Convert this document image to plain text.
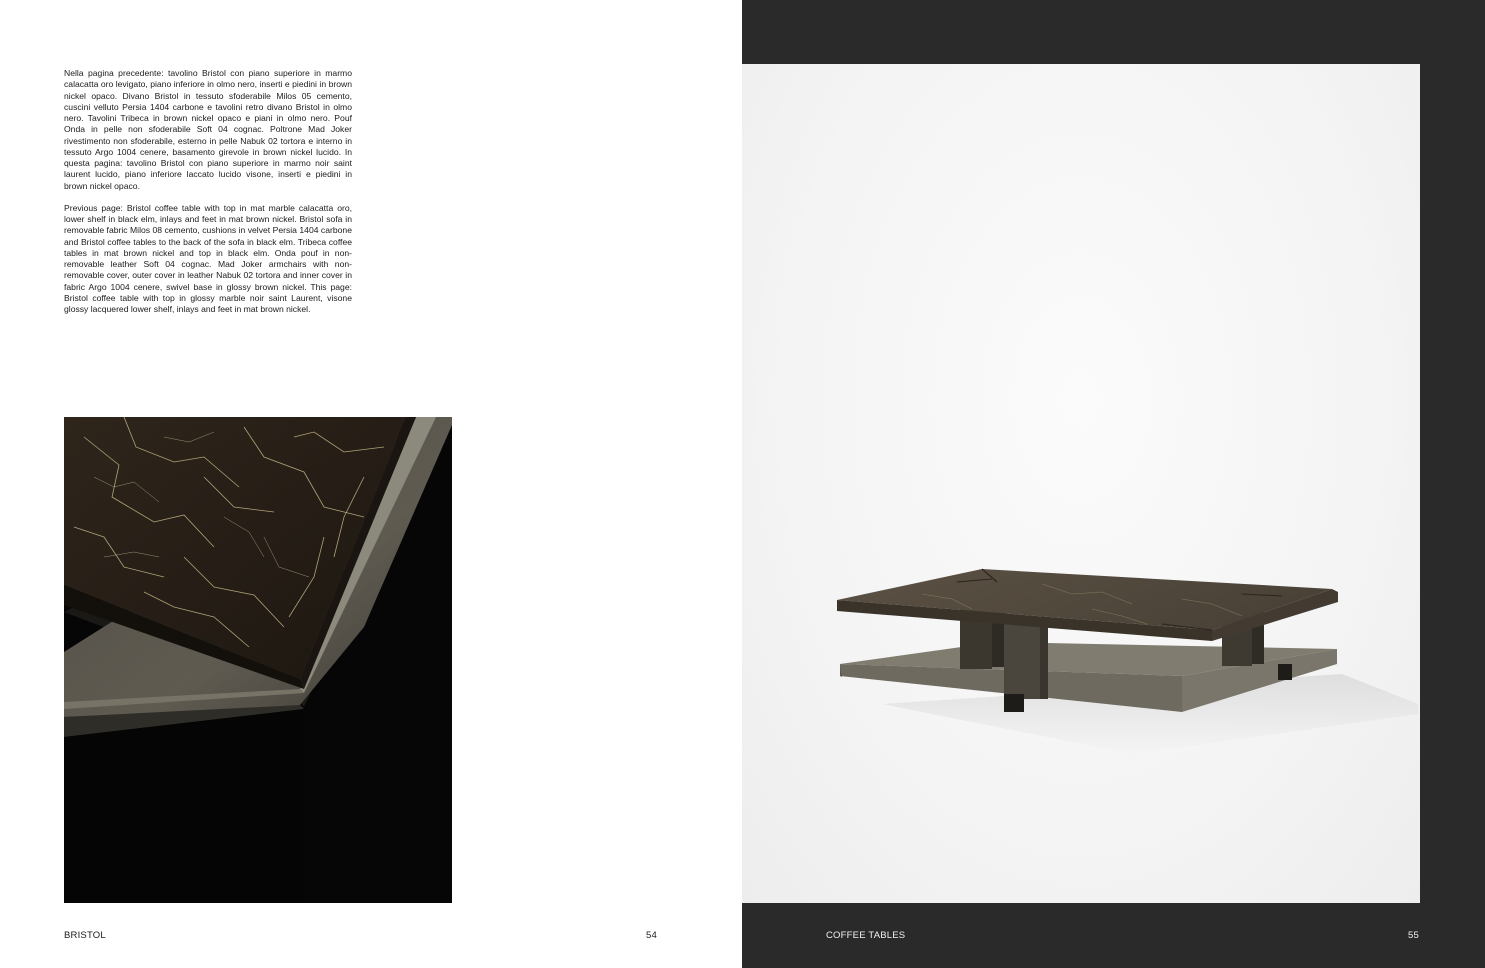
Nella pagina precedente: tavolino Bristol con piano superiore in marmo calacatta oro levigato, piano inferiore in olmo nero, inserti e piedini in brown nickel opaco. Divano Bristol in tessuto sfoderabile Milos 05 cemento, cuscini velluto Persia 1404 carbone e tavolini retro divano Bristol in olmo nero. Tavolini Tribeca in brown nickel opaco e piani in olmo nero. Pouf Onda in pelle non sfoderabile Soft 04 cognac. Poltrone Mad Joker rivestimento non sfoderabile, esterno in pelle Nabuk 02 tortora e interno in tessuto Argo 1004 cenere, basamento girevole in brown nickel lucido. In questa pagina: tavolino Bristol con piano superiore in marmo noir saint laurent lucido, piano inferiore laccato lucido visone, inserti e piedini in brown nickel opaco.

Previous page: Bristol coffee table with top in mat marble calacatta oro, lower shelf in black elm, inlays and feet in mat brown nickel. Bristol sofa in removable fabric Milos 08 cemento, cushions in velvet Persia 1404 carbone and Bristol coffee tables to the back of the sofa in black elm. Tribeca coffee tables in mat brown nickel and top in black elm. Onda pouf in non-removable leather Soft 04 cognac. Mad Joker armchairs with non-removable cover, outer cover in leather Nabuk 02 tortora and inner cover in fabric Argo 1004 cenere, swivel base in glossy brown nickel. This page: Bristol coffee table with top in glossy marble noir saint Laurent, visone glossy lacquered lower shelf, inlays and feet in mat brown nickel.

BRISTOL	54	COFFEE TABLES	55
